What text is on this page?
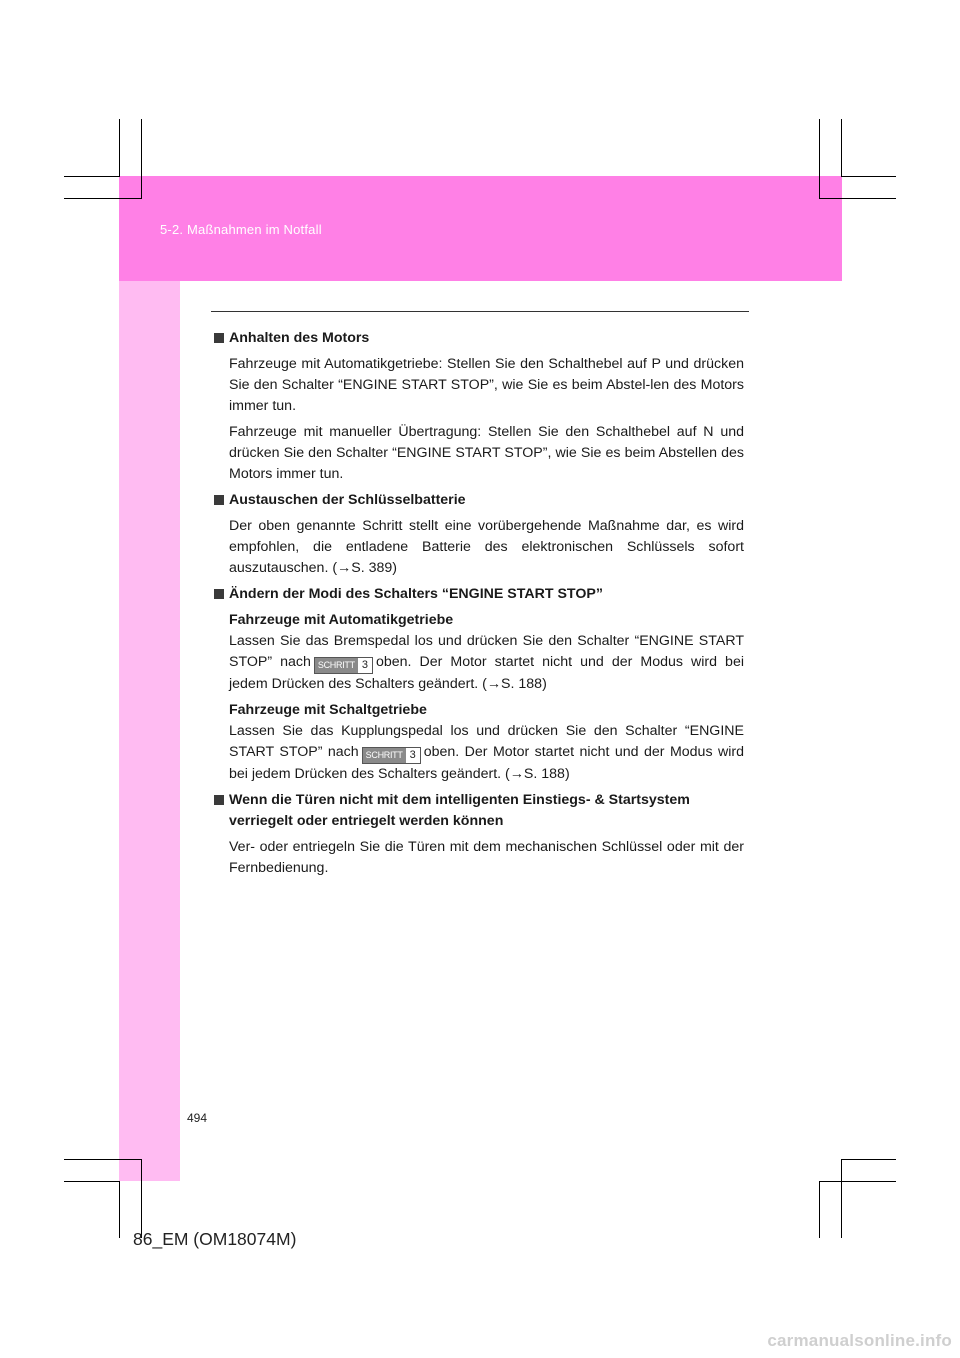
5-2. Maßnahmen im Notfall
Anhalten des Motors
Fahrzeuge mit Automatikgetriebe: Stellen Sie den Schalthebel auf P und drücken Sie den Schalter “ENGINE START STOP”, wie Sie es beim Abstel-len des Motors immer tun.
Fahrzeuge mit manueller Übertragung: Stellen Sie den Schalthebel auf N und drücken Sie den Schalter “ENGINE START STOP”, wie Sie es beim Abstellen des Motors immer tun.
Austauschen der Schlüsselbatterie
Der oben genannte Schritt stellt eine vorübergehende Maßnahme dar, es wird empfohlen, die entladene Batterie des elektronischen Schlüssels sofort auszutauschen. (→S. 389)
Ändern der Modi des Schalters “ENGINE START STOP”
Fahrzeuge mit Automatikgetriebe
Lassen Sie das Bremspedal los und drücken Sie den Schalter “ENGINE START STOP” nach SCHRITT 3 oben. Der Motor startet nicht und der Modus wird bei jedem Drücken des Schalters geändert. (→S. 188)
Fahrzeuge mit Schaltgetriebe
Lassen Sie das Kupplungspedal los und drücken Sie den Schalter “ENGINE START STOP” nach SCHRITT 3 oben. Der Motor startet nicht und der Modus wird bei jedem Drücken des Schalters geändert. (→S. 188)
Wenn die Türen nicht mit dem intelligenten Einstiegs- & Startsystem verriegelt oder entriegelt werden können
Ver- oder entriegeln Sie die Türen mit dem mechanischen Schlüssel oder mit der Fernbedienung.
494
86_EM (OM18074M)
carmanualsonline.info
